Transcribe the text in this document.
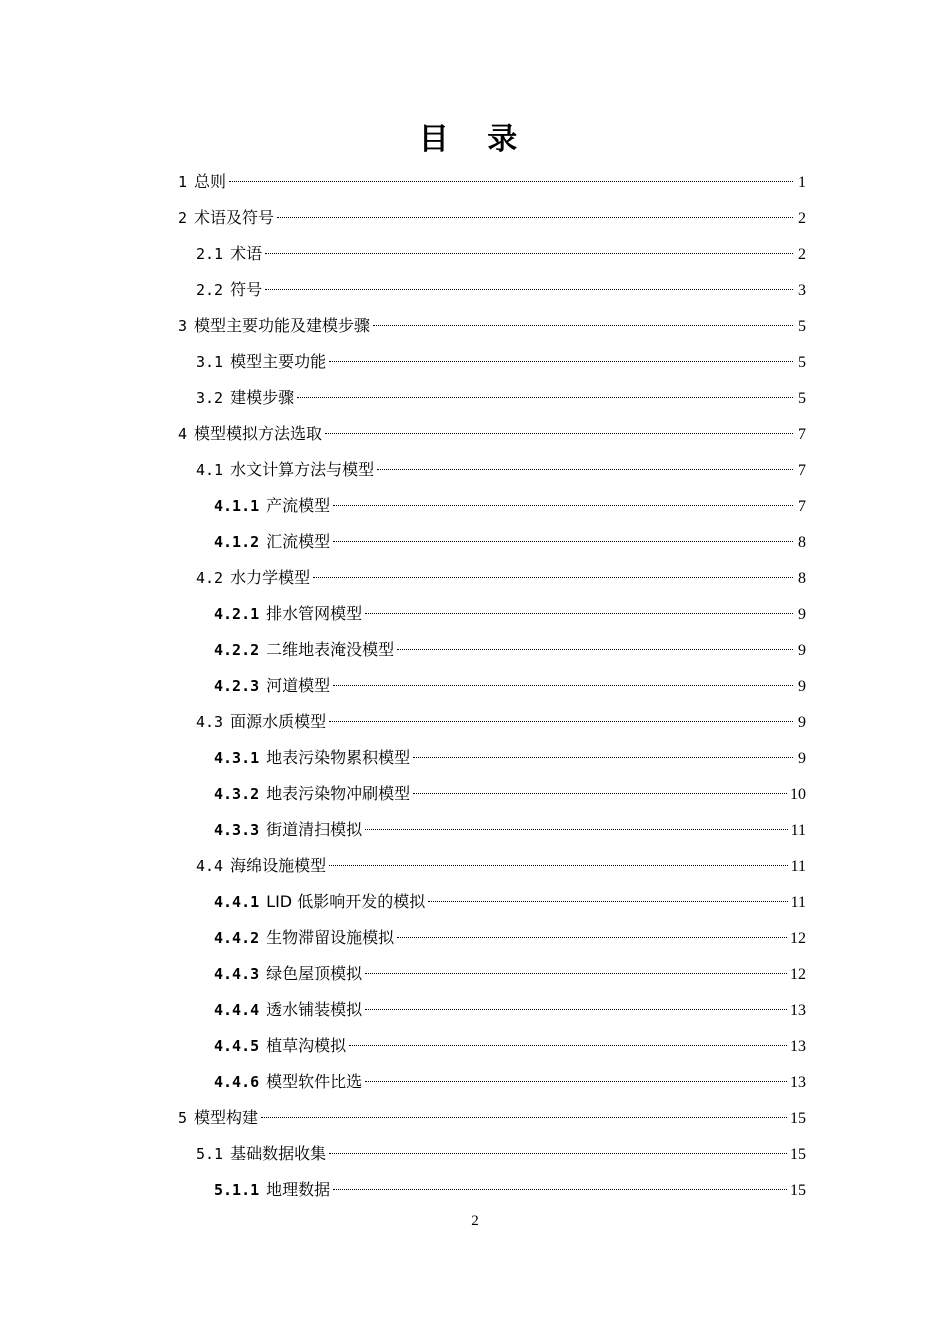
目 录
1 总则	1
2 术语及符号	2
2.1 术语	2
2.2 符号	3
3 模型主要功能及建模步骤	5
3.1 模型主要功能	5
3.2 建模步骤	5
4 模型模拟方法选取	7
4.1 水文计算方法与模型	7
4.1.1 产流模型	7
4.1.2 汇流模型	8
4.2 水力学模型	8
4.2.1 排水管网模型	9
4.2.2 二维地表淹没模型	9
4.2.3 河道模型	9
4.3 面源水质模型	9
4.3.1 地表污染物累积模型	9
4.3.2 地表污染物冲刷模型	10
4.3.3 街道清扫模拟	11
4.4 海绵设施模型	11
4.4.1 LID 低影响开发的模拟	11
4.4.2 生物滞留设施模拟	12
4.4.3 绿色屋顶模拟	12
4.4.4 透水铺装模拟	13
4.4.5 植草沟模拟	13
4.4.6 模型软件比选	13
5 模型构建	15
5.1 基础数据收集	15
5.1.1 地理数据	15
2
